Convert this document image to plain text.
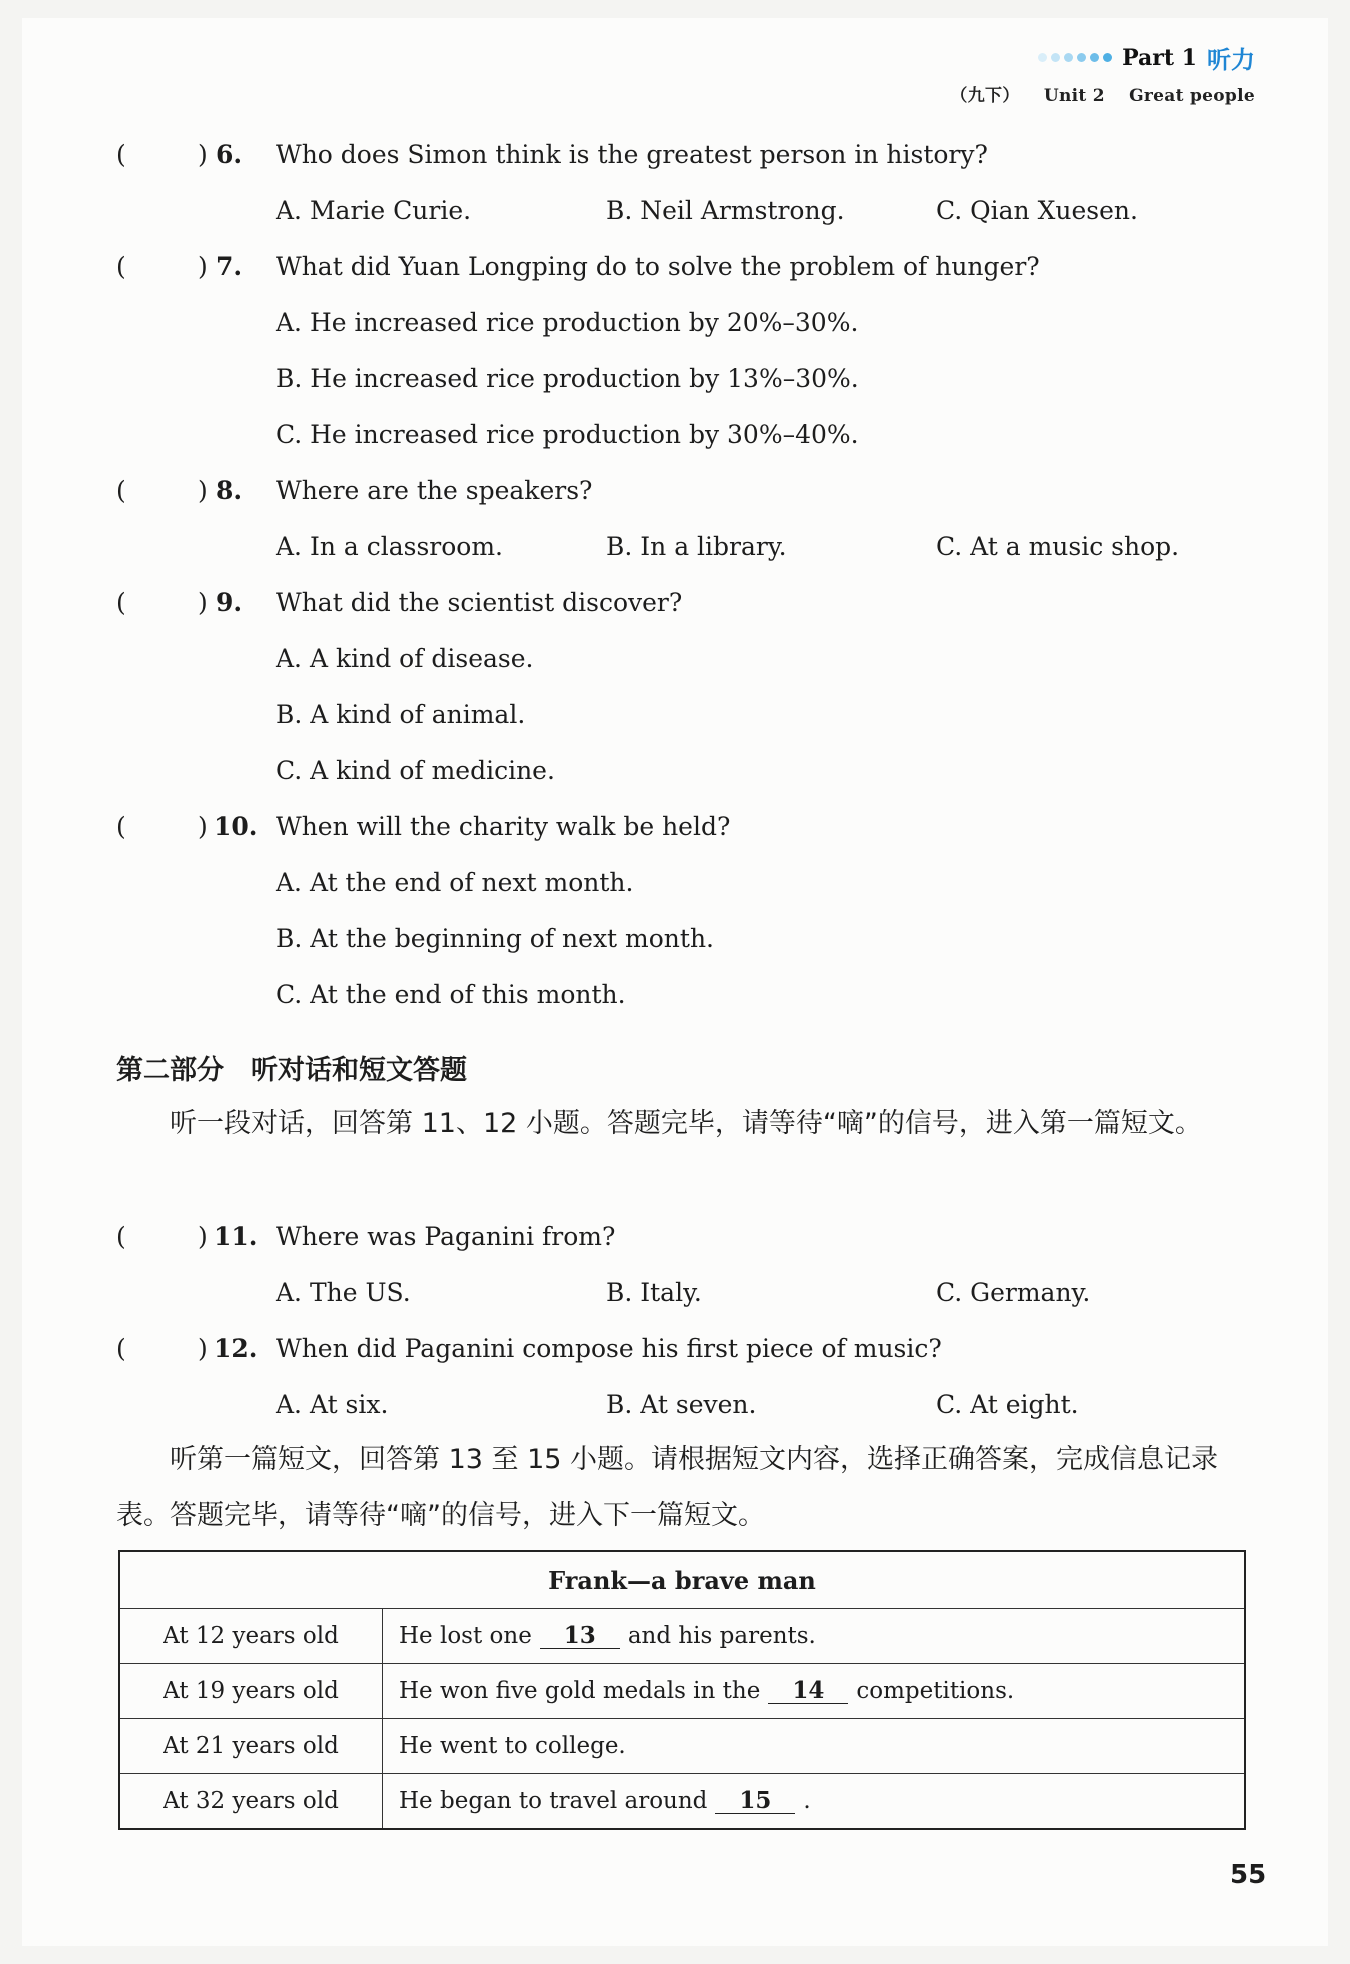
Part 1 听力
（九下） Unit 2 Great people
(	) 6. Who does Simon think is the greatest person in history?
A. Marie Curie.	B. Neil Armstrong.	C. Qian Xuesen.
(	) 7. What did Yuan Longping do to solve the problem of hunger?
A. He increased rice production by 20%–30%.
B. He increased rice production by 13%–30%.
C. He increased rice production by 30%–40%.
(	) 8. Where are the speakers?
A. In a classroom.	B. In a library.	C. At a music shop.
(	) 9. What did the scientist discover?
A. A kind of disease.
B. A kind of animal.
C. A kind of medicine.
(	) 10. When will the charity walk be held?
A. At the end of next month.
B. At the beginning of next month.
C. At the end of this month.
第二部分　听对话和短文答题
听一段对话，回答第 11、12 小题。答题完毕，请等待“嘀”的信号，进入第一篇短文。
(	) 11. Where was Paganini from?
A. The US.	B. Italy.	C. Germany.
(	) 12. When did Paganini compose his first piece of music?
A. At six.	B. At seven.	C. At eight.
听第一篇短文，回答第 13 至 15 小题。请根据短文内容，选择正确答案，完成信息记录表。答题完毕，请等待“嘀”的信号，进入下一篇短文。
Frank—a brave man	
At 12 years old	He lost one 13 and his parents.
At 19 years old	He won five gold medals in the 14 competitions.
At 21 years old	He went to college.
At 32 years old	He began to travel around 15 .
55
